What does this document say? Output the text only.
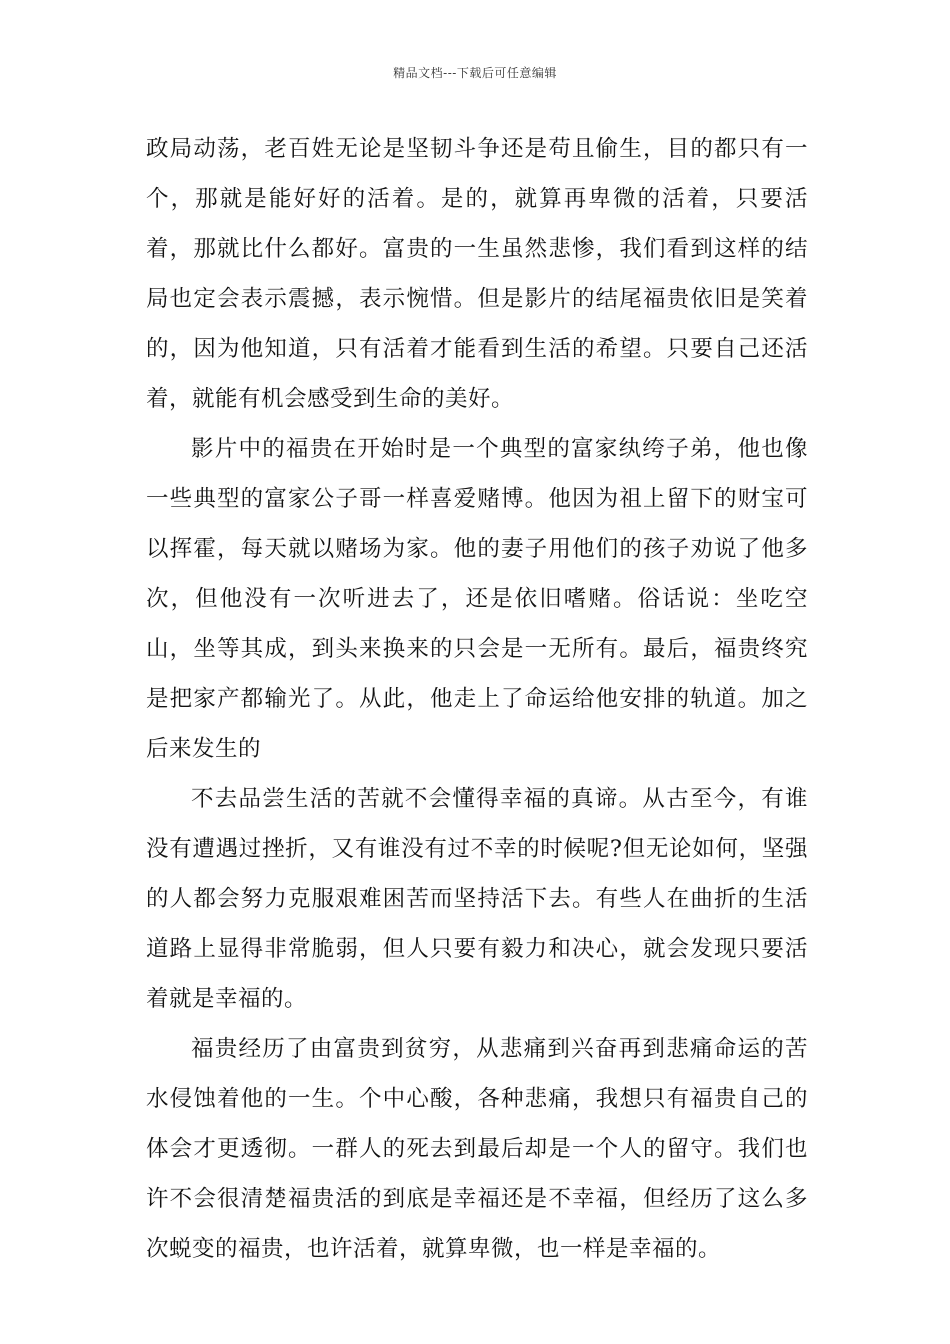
精品文档---下载后可任意编辑

政局动荡，老百姓无论是坚韧斗争还是苟且偷生，目的都只有一个，那就是能好好的活着。是的，就算再卑微的活着，只要活着，那就比什么都好。富贵的一生虽然悲惨，我们看到这样的结局也定会表示震撼，表示惋惜。但是影片的结尾福贵依旧是笑着的，因为他知道，只有活着才能看到生活的希望。只要自己还活着，就能有机会感受到生命的美好。

影片中的福贵在开始时是一个典型的富家纨绔子弟，他也像一些典型的富家公子哥一样喜爱赌博。他因为祖上留下的财宝可以挥霍，每天就以赌场为家。他的妻子用他们的孩子劝说了他多次，但他没有一次听进去了，还是依旧嗜赌。俗话说：坐吃空山，坐等其成，到头来换来的只会是一无所有。最后，福贵终究是把家产都输光了。从此，他走上了命运给他安排的轨道。加之后来发生的

不去品尝生活的苦就不会懂得幸福的真谛。从古至今，有谁没有遭遇过挫折，又有谁没有过不幸的时候呢?但无论如何，坚强的人都会努力克服艰难困苦而坚持活下去。有些人在曲折的生活道路上显得非常脆弱，但人只要有毅力和决心，就会发现只要活着就是幸福的。

福贵经历了由富贵到贫穷，从悲痛到兴奋再到悲痛命运的苦水侵蚀着他的一生。个中心酸，各种悲痛，我想只有福贵自己的体会才更透彻。一群人的死去到最后却是一个人的留守。我们也许不会很清楚福贵活的到底是幸福还是不幸福，但经历了这么多次蜕变的福贵，也许活着，就算卑微，也一样是幸福的。
